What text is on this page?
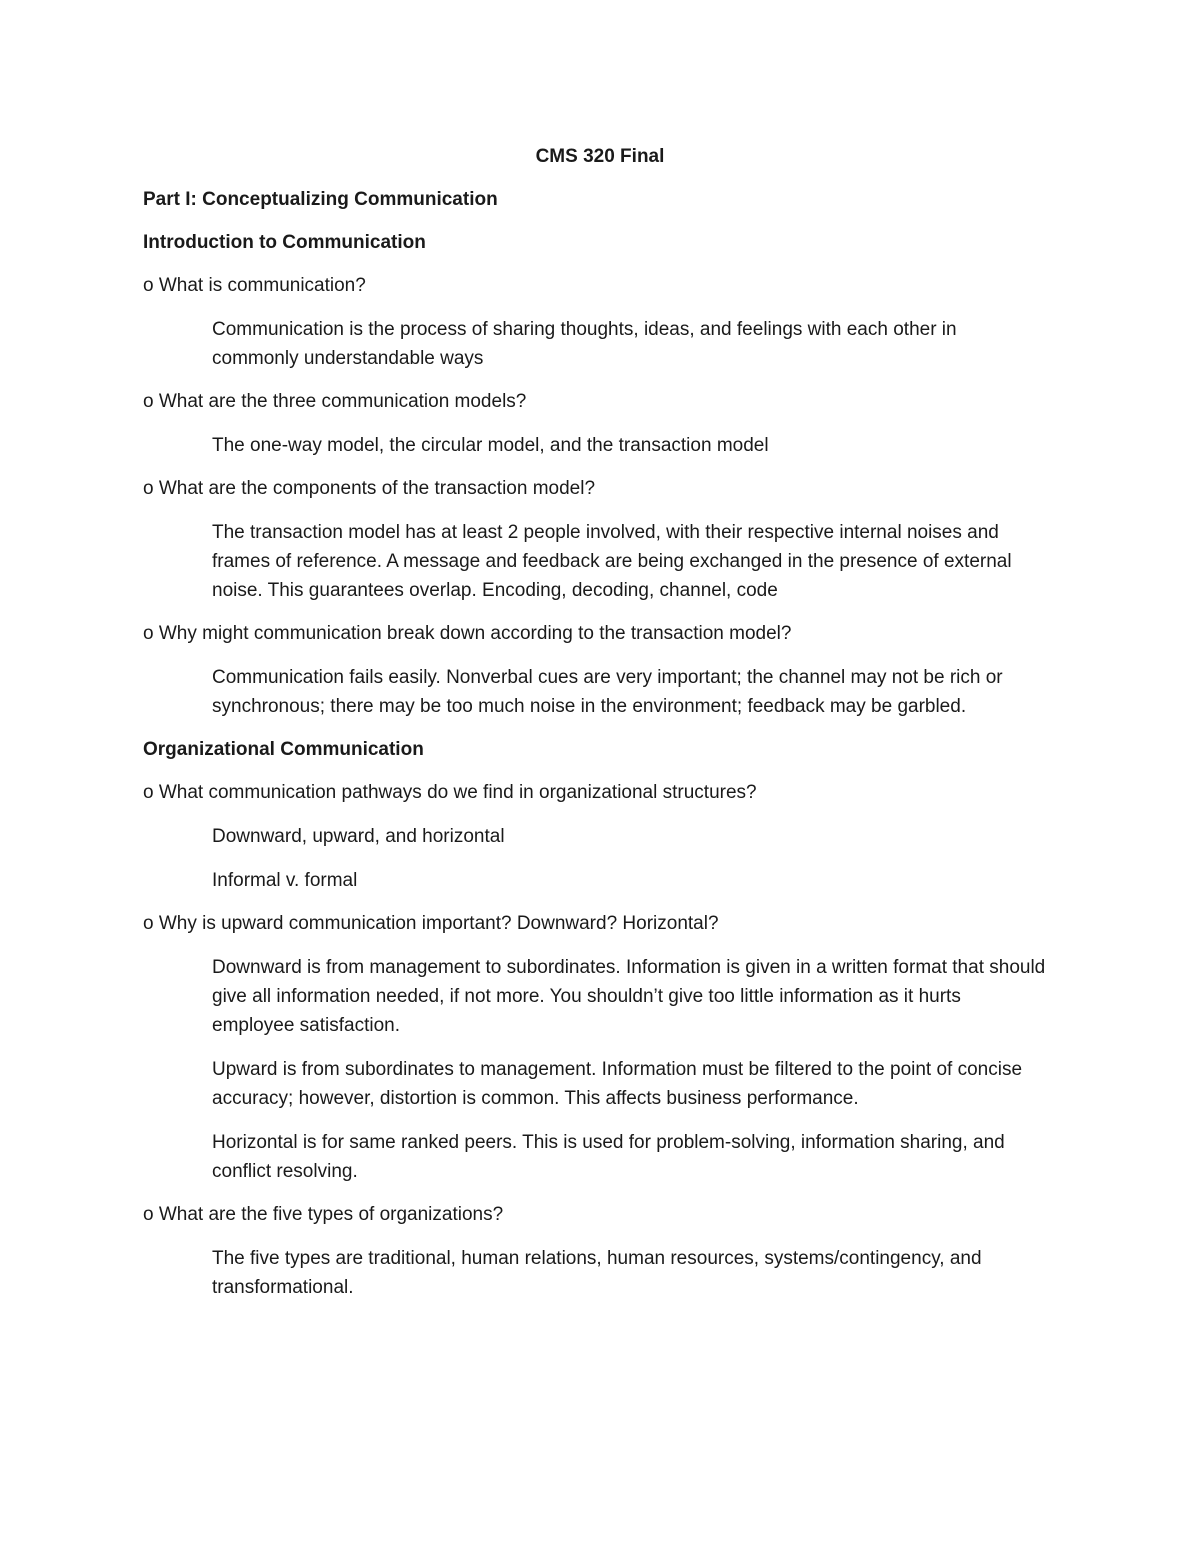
CMS 320 Final
Part I: Conceptualizing Communication
Introduction to Communication
o What is communication?
Communication is the process of sharing thoughts, ideas, and feelings with each other in commonly understandable ways
o What are the three communication models?
The one-way model, the circular model, and the transaction model
o What are the components of the transaction model?
The transaction model has at least 2 people involved, with their respective internal noises and frames of reference. A message and feedback are being exchanged in the presence of external noise. This guarantees overlap. Encoding, decoding, channel, code
o Why might communication break down according to the transaction model?
Communication fails easily. Nonverbal cues are very important; the channel may not be rich or synchronous; there may be too much noise in the environment; feedback may be garbled.
Organizational Communication
o What communication pathways do we find in organizational structures?
Downward, upward, and horizontal
Informal v. formal
o Why is upward communication important? Downward? Horizontal?
Downward is from management to subordinates. Information is given in a written format that should give all information needed, if not more. You shouldn’t give too little information as it hurts employee satisfaction.
Upward is from subordinates to management. Information must be filtered to the point of concise accuracy; however, distortion is common. This affects business performance.
Horizontal is for same ranked peers. This is used for problem-solving, information sharing, and conflict resolving.
o What are the five types of organizations?
The five types are traditional, human relations, human resources, systems/contingency, and transformational.
